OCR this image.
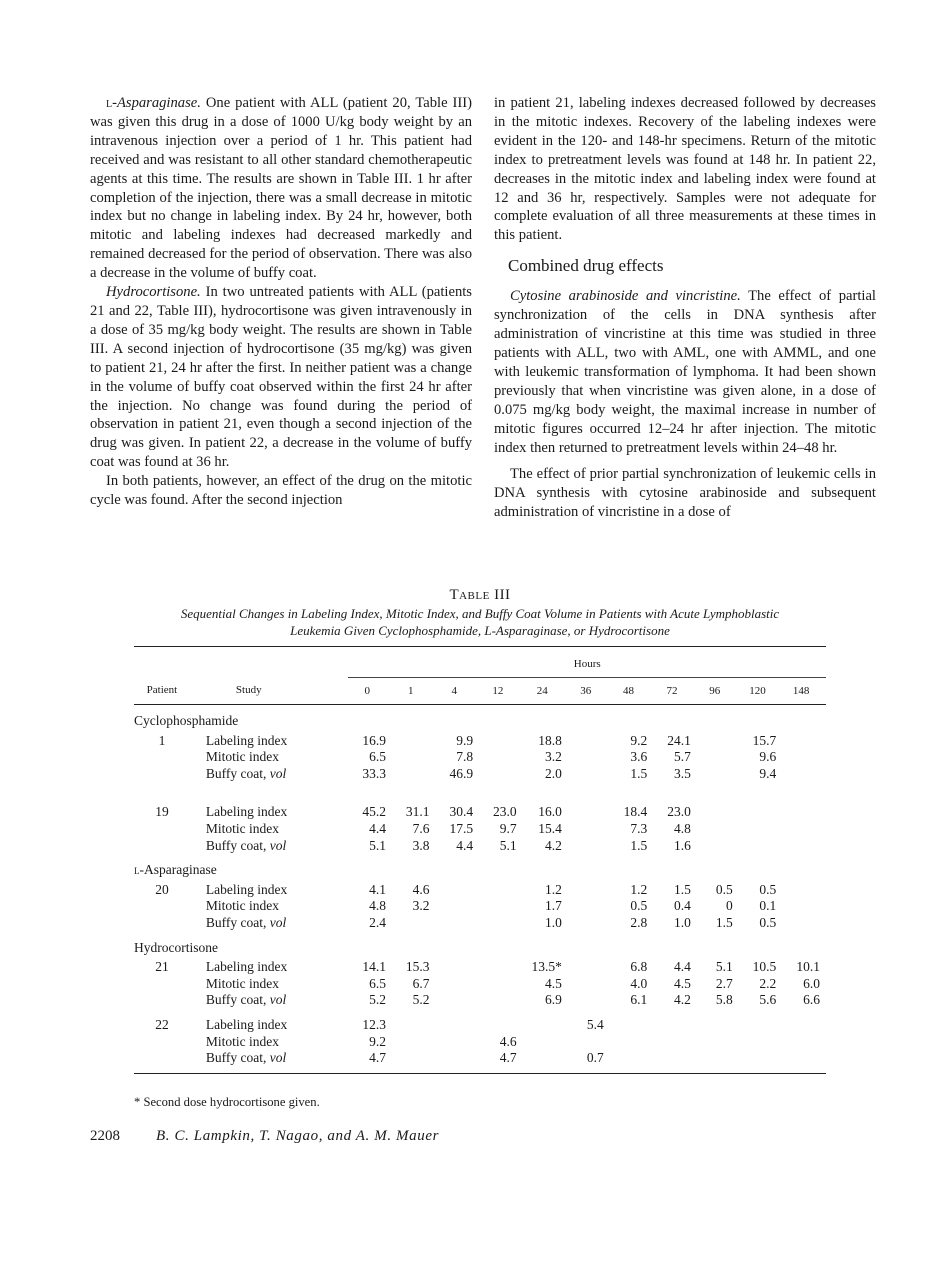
l-Asparaginase. One patient with ALL (patient 20, Table III) was given this drug in a dose of 1000 U/kg body weight by an intravenous injection over a period of 1 hr. This patient had received and was resistant to all other standard chemotherapeutic agents at this time. The results are shown in Table III. 1 hr after completion of the injection, there was a small decrease in mitotic index but no change in labeling index. By 24 hr, however, both mitotic and labeling indexes had decreased markedly and remained decreased for the period of observation. There was also a decrease in the volume of buffy coat.

Hydrocortisone. In two untreated patients with ALL (patients 21 and 22, Table III), hydrocortisone was given intravenously in a dose of 35 mg/kg body weight. The results are shown in Table III. A second injection of hydrocortisone (35 mg/kg) was given to patient 21, 24 hr after the first. In neither patient was a change in the volume of buffy coat observed within the first 24 hr after the injection. No change was found during the period of observation in patient 21, even though a second injection of the drug was given. In patient 22, a decrease in the volume of buffy coat was found at 36 hr.

In both patients, however, an effect of the drug on the mitotic cycle was found. After the second injection

in patient 21, labeling indexes decreased followed by decreases in the mitotic indexes. Recovery of the labeling indexes were evident in the 120- and 148-hr specimens. Return of the mitotic index to pretreatment levels was found at 148 hr. In patient 22, decreases in the mitotic index and labeling index were found at 12 and 36 hr, respectively. Samples were not adequate for complete evaluation of all three measurements at these times in this patient.

Combined drug effects

Cytosine arabinoside and vincristine. The effect of partial synchronization of the cells in DNA synthesis after administration of vincristine at this time was studied in three patients with ALL, two with AML, one with AMML, and one with leukemic transformation of lymphoma. It had been shown previously that when vincristine was given alone, in a dose of 0.075 mg/kg body weight, the maximal increase in number of mitotic figures occurred 12–24 hr after injection. The mitotic index then returned to pretreatment levels within 24–48 hr.

The effect of prior partial synchronization of leukemic cells in DNA synthesis with cytosine arabinoside and subsequent administration of vincristine in a dose of

Table III
Sequential Changes in Labeling Index, Mitotic Index, and Buffy Coat Volume in Patients with Acute Lymphoblastic
Leukemia Given Cyclophosphamide, L-Asparaginase, or Hydrocortisone
		Hours										

Patient	Study	0	1	4	12	24	36	48	72	96	120	148
Cyclophosphamide												
1	Labeling index	16.9		9.9		18.8		9.2	24.1		15.7	
	Mitotic index	6.5		7.8		3.2		3.6	5.7		9.6	
	Buffy coat, vol	33.3		46.9		2.0		1.5	3.5		9.4	

19	Labeling index	45.2	31.1	30.4	23.0	16.0		18.4	23.0			
	Mitotic index	4.4	7.6	17.5	9.7	15.4		7.3	4.8			
	Buffy coat, vol	5.1	3.8	4.4	5.1	4.2		1.5	1.6			
l-Asparaginase												
20	Labeling index	4.1	4.6			1.2		1.2	1.5	0.5	0.5	
	Mitotic index	4.8	3.2			1.7		0.5	0.4	0	0.1	
	Buffy coat, vol	2.4				1.0		2.8	1.0	1.5	0.5	
Hydrocortisone												
21	Labeling index	14.1	15.3			13.5*		6.8	4.4	5.1	10.5	10.1
	Mitotic index	6.5	6.7			4.5		4.0	4.5	2.7	2.2	6.0
	Buffy coat, vol	5.2	5.2			6.9		6.1	4.2	5.8	5.6	6.6

22	Labeling index	12.3					5.4					
	Mitotic index	9.2			4.6							
	Buffy coat, vol	4.7			4.7		0.7					
* Second dose hydrocortisone given.
2208 B. C. Lampkin, T. Nagao, and A. M. Mauer
